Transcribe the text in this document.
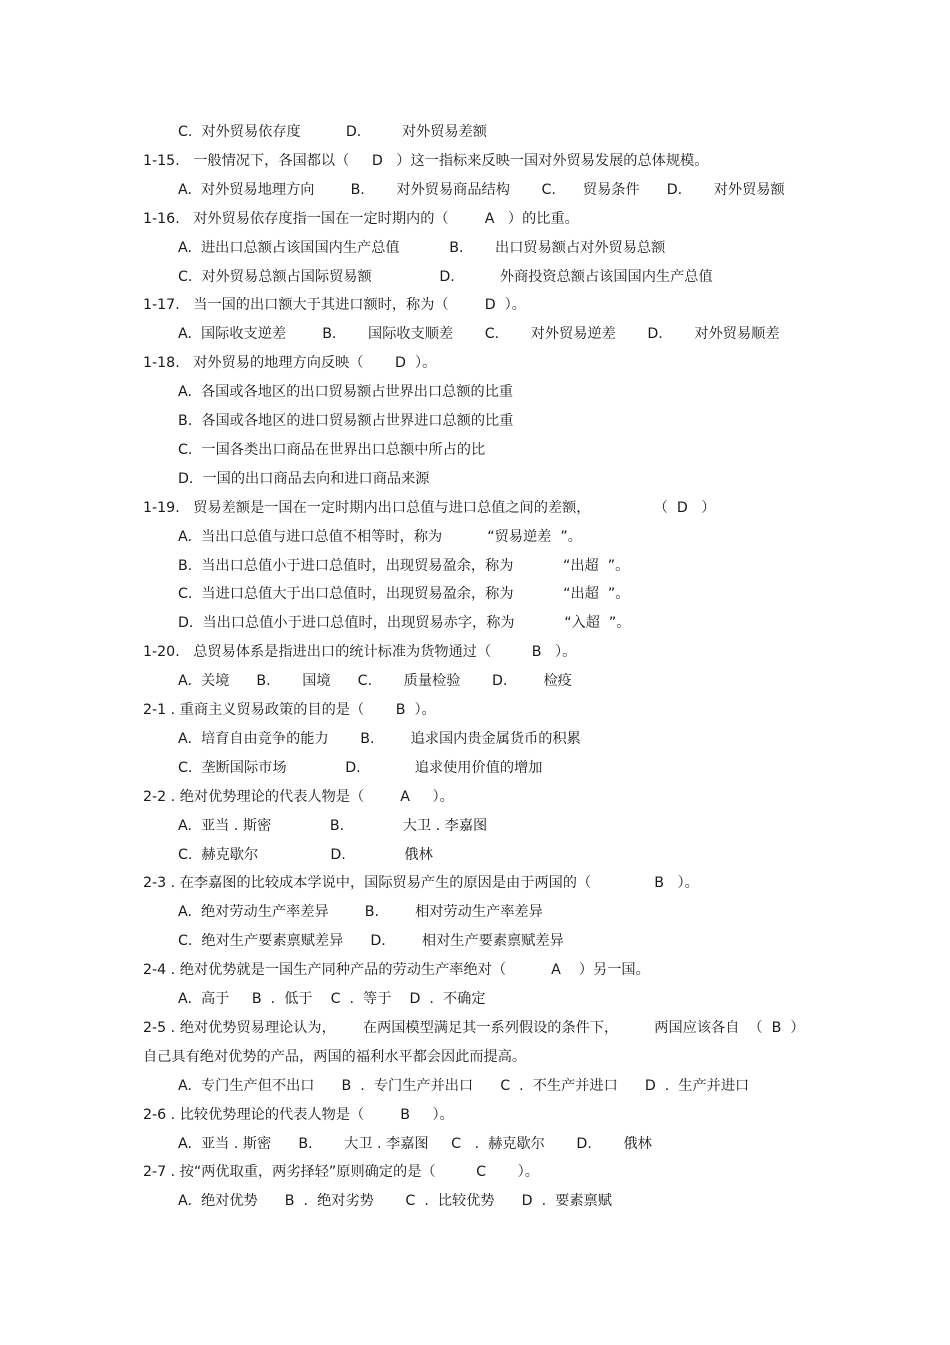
C.  对外贸易依存度          D.         对外贸易差额
1-15.   一般情况下，各国都以（     D   ）这一指标来反映一国对外贸易发展的总体规模。
A.  对外贸易地理方向        B.       对外贸易商品结构       C.      贸易条件      D.       对外贸易额
1-16.   对外贸易依存度指一国在一定时期内的（        A   ）的比重。
A.  进出口总额占该国国内生产总值           B.       出口贸易额占对外贸易总额
C.  对外贸易总额占国际贸易额               D.          外商投资总额占该国国内生产总值
1-17.   当一国的出口额大于其进口额时，称为（        D  ）。
A.  国际收支逆差        B.       国际收支顺差       C.       对外贸易逆差       D.       对外贸易顺差
1-18.   对外贸易的地理方向反映（       D  ）。
A.  各国或各地区的出口贸易额占世界出口总额的比重
B.  各国或各地区的进口贸易额占世界进口总额的比重
C.  一国各类出口商品在世界出口总额中所占的比
D.  一国的出口商品去向和进口商品来源
1-19.   贸易差额是一国在一定时期内出口总值与进口总值之间的差额，              （  D   ）
A.  当出口总值与进口总值不相等时，称为          “贸易逆差  ”。
B.  当出口总值小于进口总值时，出现贸易盈余，称为           “出超  ”。
C.  当进口总值大于出口总值时，出现贸易盈余，称为           “出超  ”。
D.  当出口总值小于进口总值时，出现贸易赤字，称为           “入超  ”。
1-20.   总贸易体系是指进出口的统计标准为货物通过（         B   ）。
A.  关境      B.       国境      C.       质量检验       D.        检疫
2-1 . 重商主义贸易政策的目的是（       B  ）。
A.  培育自由竞争的能力       B.        追求国内贵金属货币的积累
C.  垄断国际市场             D.            追求使用价值的增加
2-2 . 绝对优势理论的代表人物是（        A     ）。
A.  亚当 . 斯密             B.             大卫 . 李嘉图
C.  赫克歇尔                D.             俄林
2-3 . 在李嘉图的比较成本学说中，国际贸易产生的原因是由于两国的（              B   ）。
A.  绝对劳动生产率差异        B.        相对劳动生产率差异
C.  绝对生产要素禀赋差异      D.        相对生产要素禀赋差异
2-4 . 绝对优势就是一国生产同种产品的劳动生产率绝对（          A    ）另一国。
A.  高于     B  .  低于    C  .  等于    D  .  不确定
2-5 . 绝对优势贸易理论认为，      在两国模型满足其一系列假设的条件下，        两国应该各自  （  B  ）
自己具有绝对优势的产品，两国的福利水平都会因此而提高。
A.  专门生产但不出口      B  .  专门生产并出口      C  .  不生产并进口      D  .  生产并进口
2-6 . 比较优势理论的代表人物是（        B     ）。
A.  亚当 . 斯密      B.       大卫 . 李嘉图     C   .  赫克歇尔       D.       俄林
2-7 . 按“两优取重，两劣择轻”原则确定的是（         C       ）。
A.  绝对优势      B  .  绝对劣势       C  .  比较优势      D  .  要素禀赋
